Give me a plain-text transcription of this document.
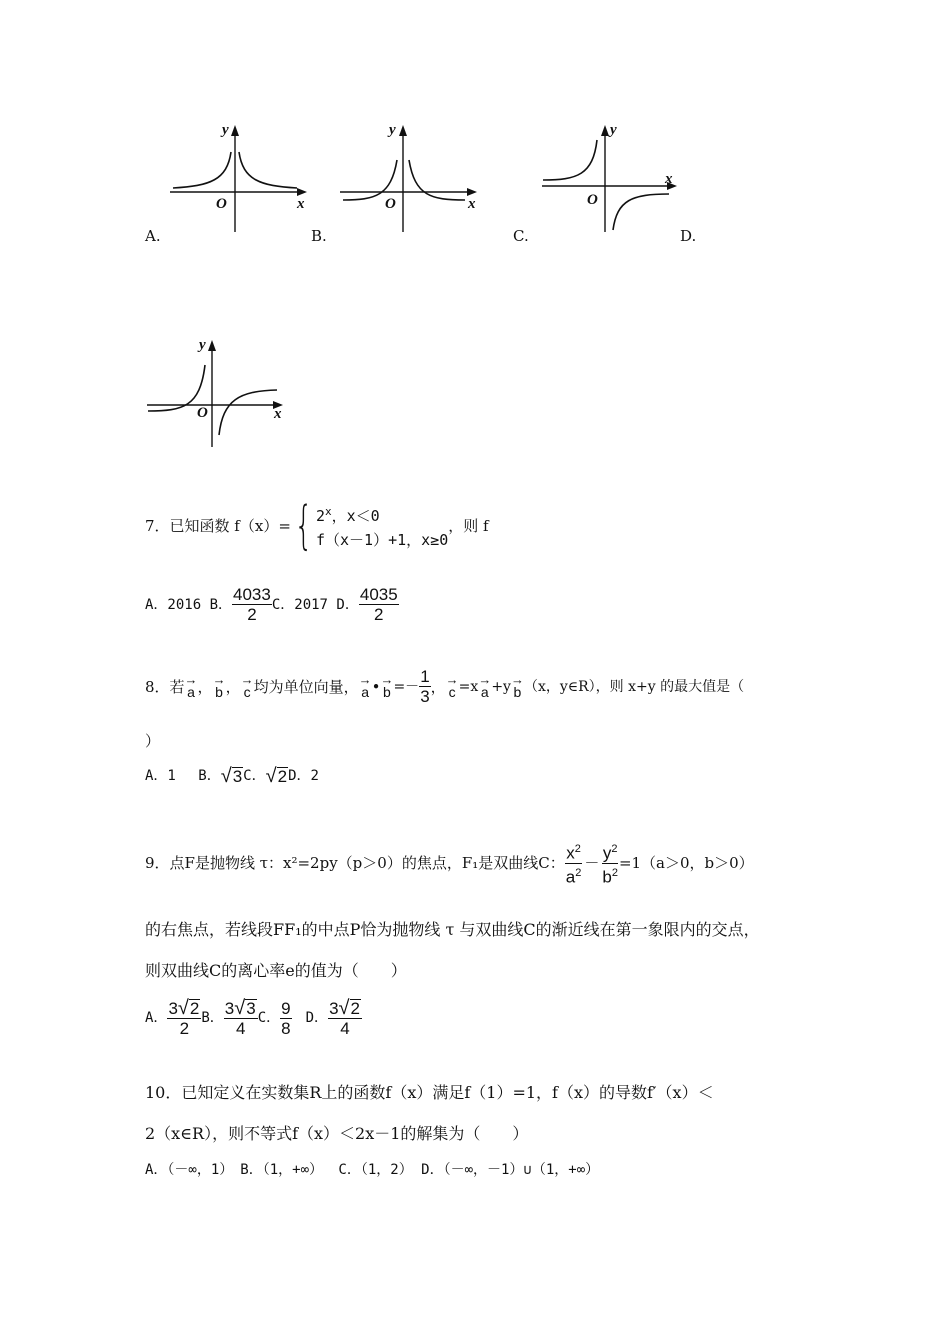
y
x
O
y
x
O
y
x
O
A.	B.	C.	D.
y
x
O
7．已知函数 f（x）= { 2$^x$，x＜0
f（x－1）+1，x≥0
，则 f
A．2016 B． $\frac{4033}{2}$ C．2017 D． $\frac{4035}{2}$
8．若 →
a ， →
b ， →
c 均为单位向量， →
a • →
$b =- \frac{1}{3}$ ， →
c =x →
a +y →
b （x，y∈R），则 x+y 的最大值是（
）
A．1　 B． √ 3 C． √ 2 D．2
9．点F是抛物线 τ：x²=2py（p＞0）的焦点，F₁是双曲线C： $\frac{x^2}{a^2} - \frac{y^2}{b^2} =1(a>0$，b＞0）
的右焦点，若线段FF₁的中点P恰为抛物线 τ 与双曲线C的渐近线在第一象限内的交点，
则双曲线C的离心率e的值为（　　）
A． $\frac{3 √ 2}{2}$ B． $\frac{3 √ 3}{4}$ C． $\frac{9}{8}$ 　D． $\frac{3 √ 2}{4}$
10．已知定义在实数集R上的函数f（x）满足f（1）=1，f（x）的导数f′（x）＜
2（x∈R），则不等式f（x）＜2x－1的解集为（　　）
A．（－∞，1）　B．（1，+∞）　 C．（1，2） D．（－∞，－1）∪（1，+∞）
